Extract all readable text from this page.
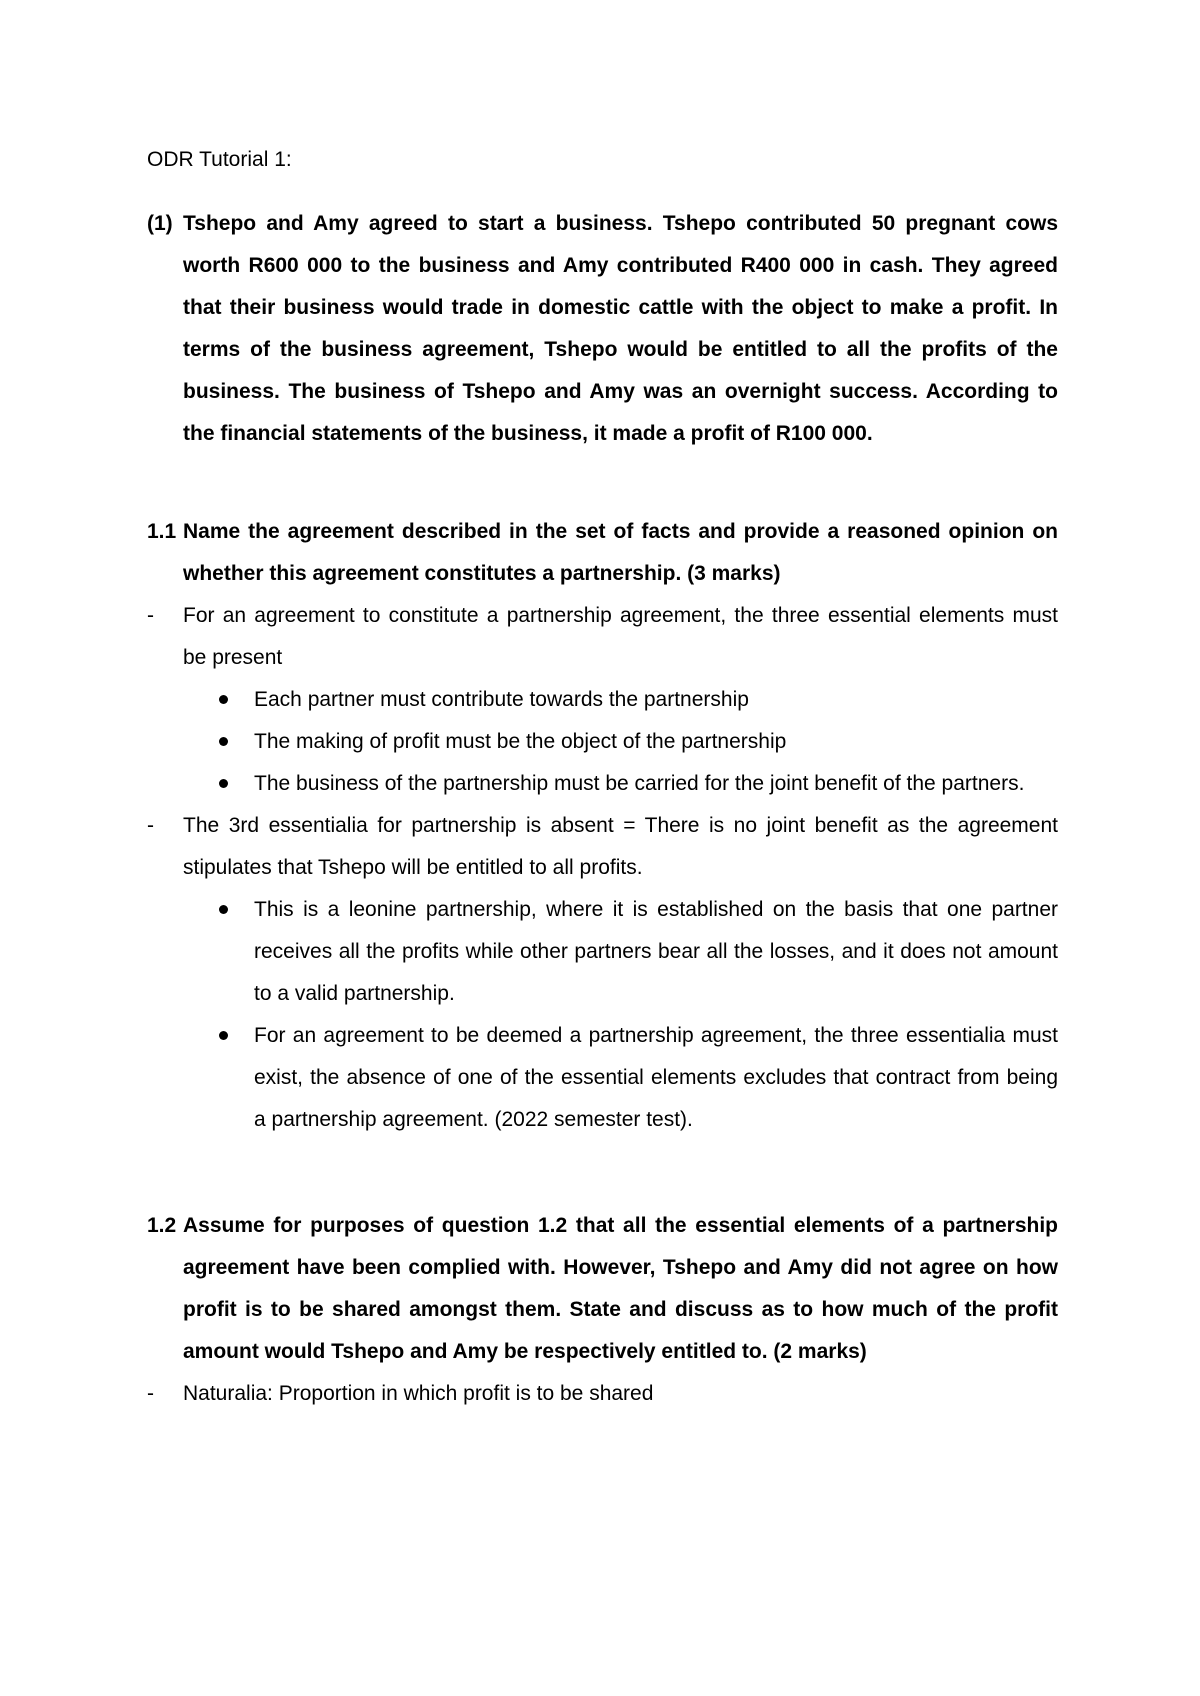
ODR Tutorial 1:
(1) Tshepo and Amy agreed to start a business. Tshepo contributed 50 pregnant cows worth R600 000 to the business and Amy contributed R400 000 in cash. They agreed that their business would trade in domestic cattle with the object to make a profit. In terms of the business agreement, Tshepo would be entitled to all the profits of the business. The business of Tshepo and Amy was an overnight success. According to the financial statements of the business, it made a profit of R100 000.
1.1 Name the agreement described in the set of facts and provide a reasoned opinion on whether this agreement constitutes a partnership. (3 marks)
- For an agreement to constitute a partnership agreement, the three essential elements must be present
Each partner must contribute towards the partnership
The making of profit must be the object of the partnership
The business of the partnership must be carried for the joint benefit of the partners.
- The 3rd essentialia for partnership is absent = There is no joint benefit as the agreement stipulates that Tshepo will be entitled to all profits.
This is a leonine partnership, where it is established on the basis that one partner receives all the profits while other partners bear all the losses, and it does not amount to a valid partnership.
For an agreement to be deemed a partnership agreement, the three essentialia must exist, the absence of one of the essential elements excludes that contract from being a partnership agreement. (2022 semester test).
1.2 Assume for purposes of question 1.2 that all the essential elements of a partnership agreement have been complied with. However, Tshepo and Amy did not agree on how profit is to be shared amongst them. State and discuss as to how much of the profit amount would Tshepo and Amy be respectively entitled to. (2 marks)
- Naturalia: Proportion in which profit is to be shared
